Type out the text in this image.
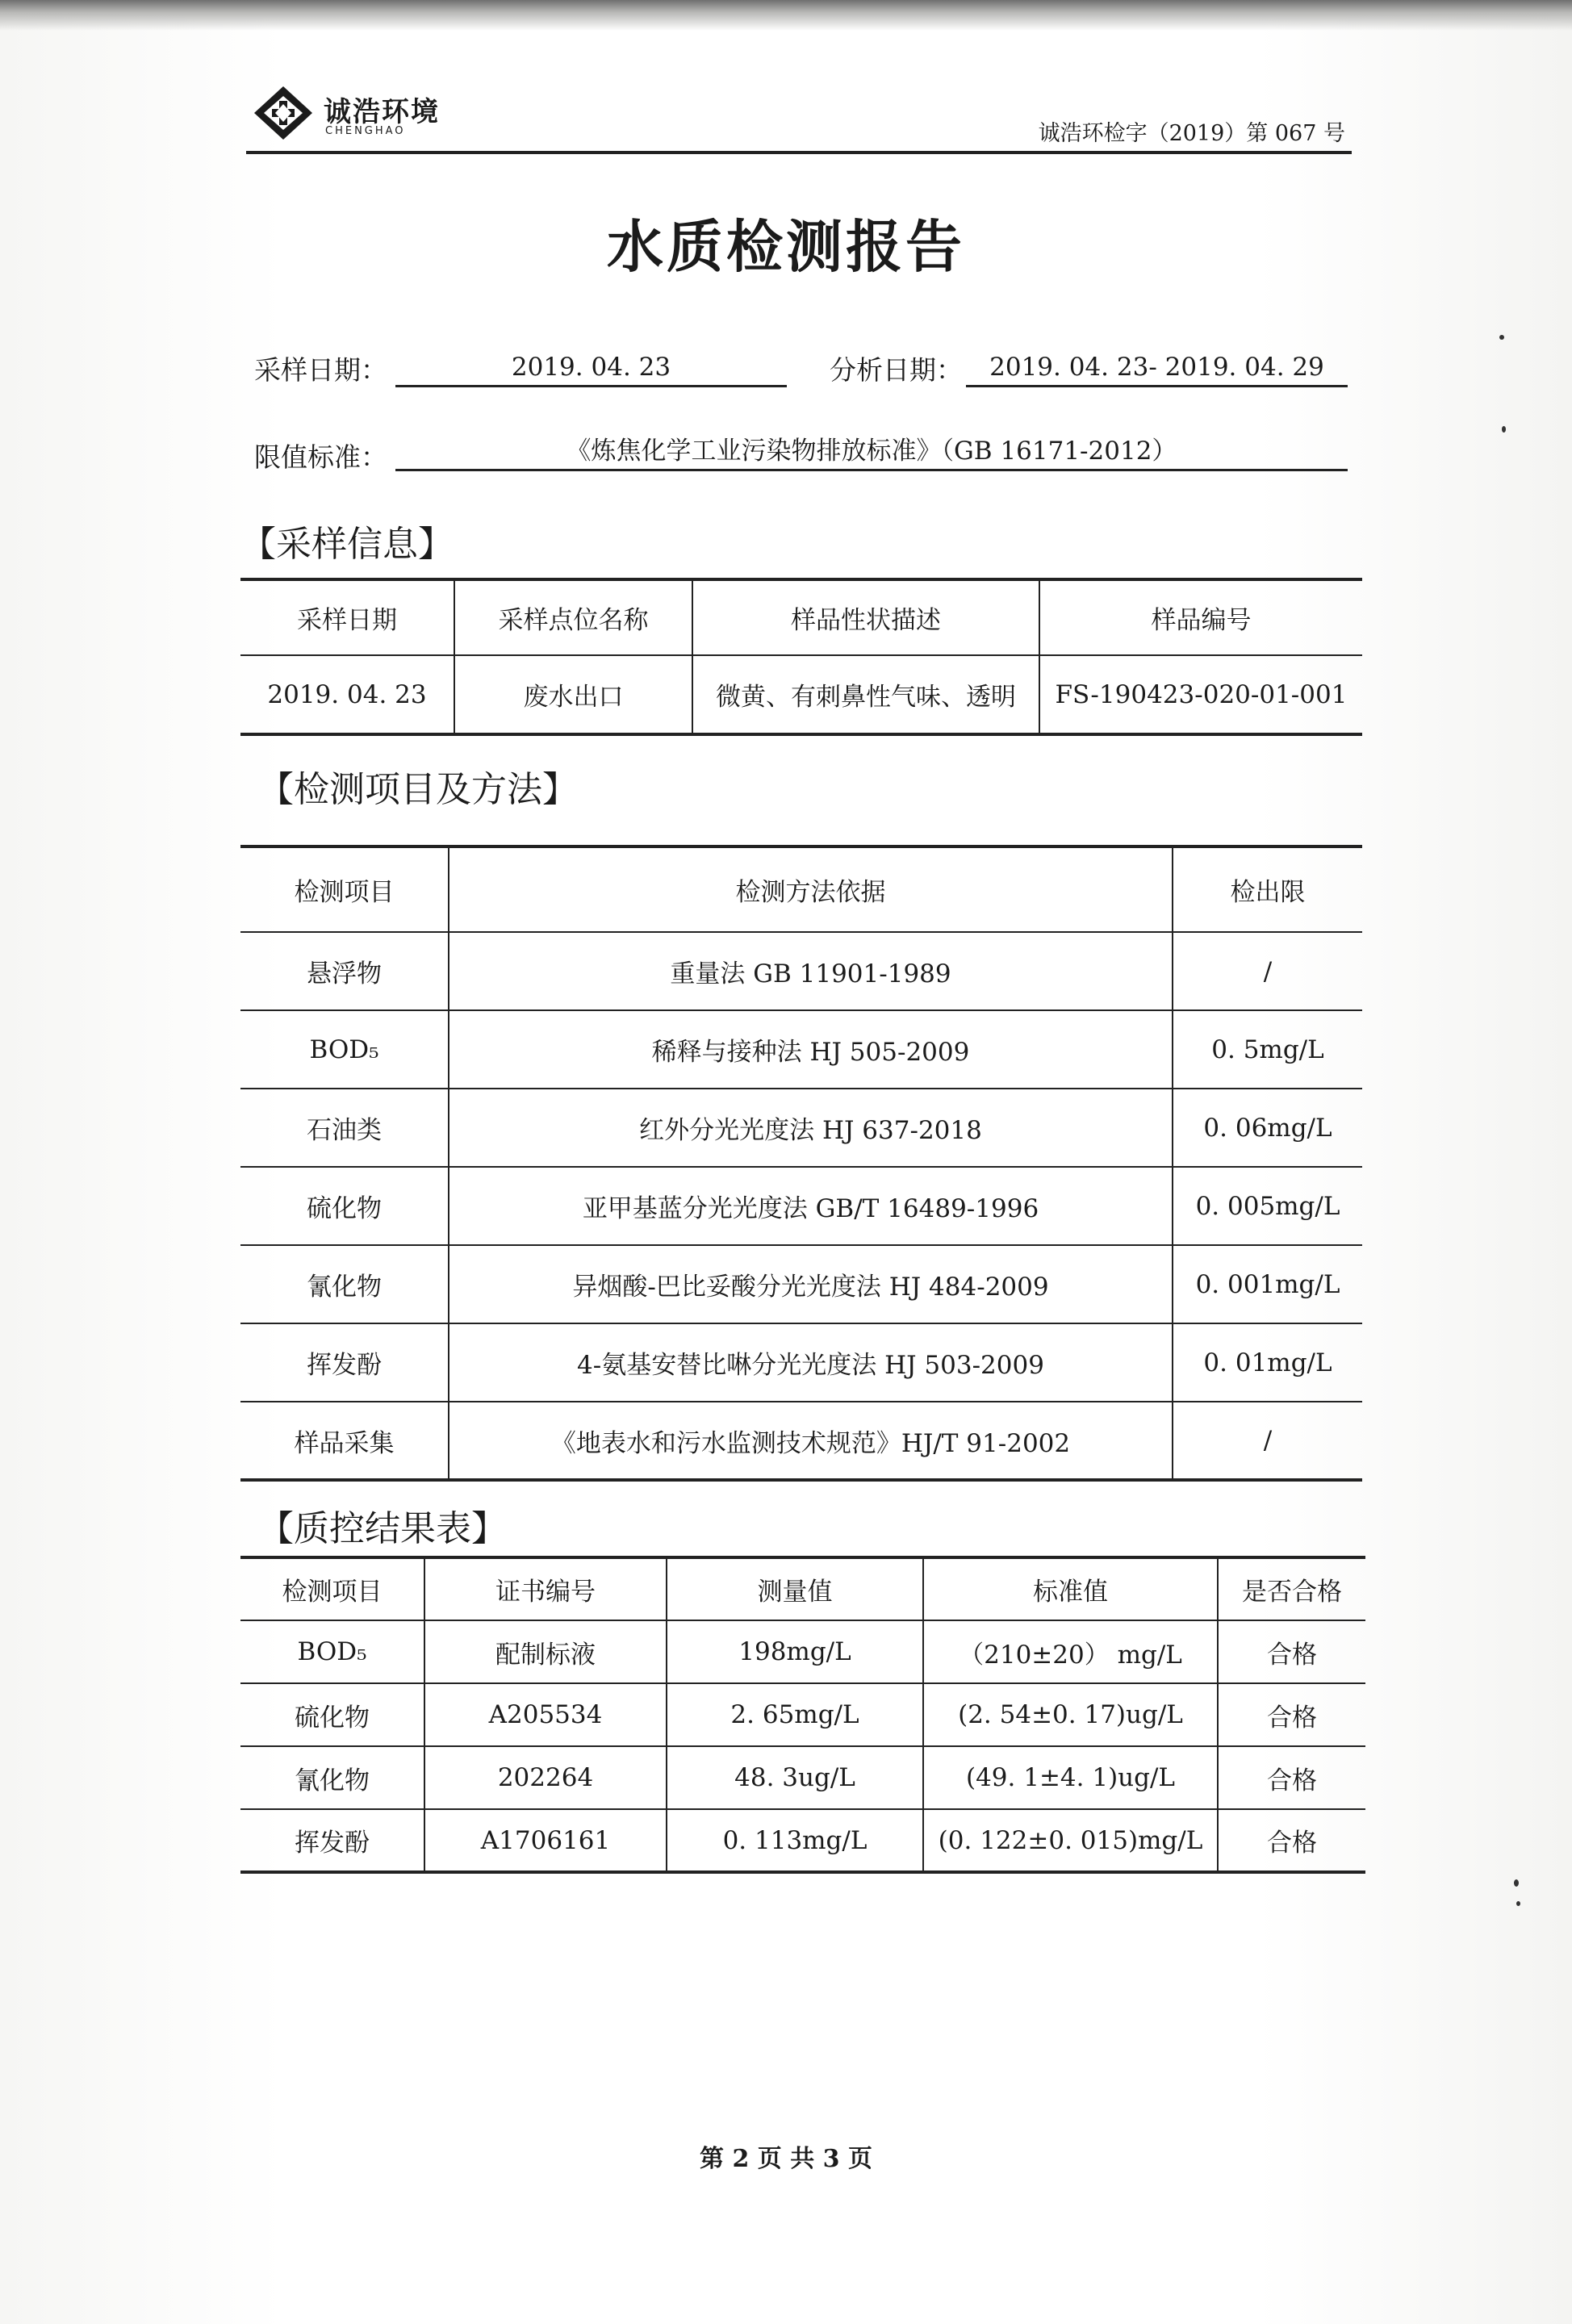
诚浩环境
CHENGHAO	诚浩环检字（2019）第 067 号
水质检测报告
采样日期：	2019. 04. 23	分析日期：	2019. 04. 23- 2019. 04. 29
限值标准：	《炼焦化学工业污染物排放标准》（GB 16171-2012）
【采样信息】
采样日期	采样点位名称	样品性状描述	样品编号
2019. 04. 23	废水出口	微黄、有刺鼻性气味、透明	FS-190423-020-01-001
【检测项目及方法】
检测项目	检测方法依据	检出限
悬浮物	重量法 GB 11901-1989	/
BOD₅	稀释与接种法 HJ 505-2009	0. 5mg/L
石油类	红外分光光度法 HJ 637-2018	0. 06mg/L
硫化物	亚甲基蓝分光光度法 GB/T 16489-1996	0. 005mg/L
氰化物	异烟酸-巴比妥酸分光光度法 HJ 484-2009	0. 001mg/L
挥发酚	4-氨基安替比啉分光光度法 HJ 503-2009	0. 01mg/L
样品采集	《地表水和污水监测技术规范》HJ/T 91-2002	/
【质控结果表】
检测项目	证书编号	测量值	标准值	是否合格
BOD₅	配制标液	198mg/L	（210±20） mg/L	合格
硫化物	A205534	2. 65mg/L	(2. 54±0. 17)ug/L	合格
氰化物	202264	48. 3ug/L	(49. 1±4. 1)ug/L	合格
挥发酚	A1706161	0. 113mg/L	(0. 122±0. 015)mg/L	合格
第 2 页 共 3 页
